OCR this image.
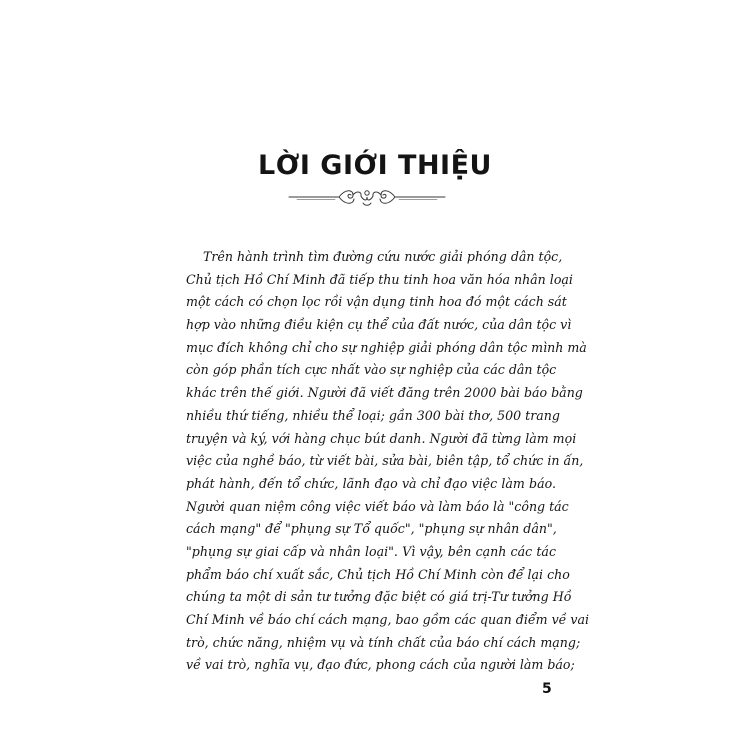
LỜI GIỚI THIỆU

Trên hành trình tìm đường cứu nước giải phóng dân tộc,
Chủ tịch Hồ Chí Minh đã tiếp thu tinh hoa văn hóa nhân loại
một cách có chọn lọc rồi vận dụng tinh hoa đó một cách sát
hợp vào những điều kiện cụ thể của đất nước, của dân tộc vì
mục đích không chỉ cho sự nghiệp giải phóng dân tộc mình mà
còn góp phần tích cực nhất vào sự nghiệp của các dân tộc
khác trên thế giới. Người đã viết đăng trên 2000 bài báo bằng
nhiều thứ tiếng, nhiều thể loại; gần 300 bài thơ, 500 trang
truyện và ký, với hàng chục bút danh. Người đã từng làm mọi
việc của nghề báo, từ viết bài, sửa bài, biên tập, tổ chức in ấn,
phát hành, đến tổ chức, lãnh đạo và chỉ đạo việc làm báo.
Người quan niệm công việc viết báo và làm báo là "công tác
cách mạng" để "phụng sự Tổ quốc", "phụng sự nhân dân",
"phụng sự giai cấp và nhân loại". Vì vậy, bên cạnh các tác
phẩm báo chí xuất sắc, Chủ tịch Hồ Chí Minh còn để lại cho
chúng ta một di sản tư tưởng đặc biệt có giá trị-Tư tưởng Hồ
Chí Minh về báo chí cách mạng, bao gồm các quan điểm về vai
trò, chức năng, nhiệm vụ và tính chất của báo chí cách mạng;
về vai trò, nghĩa vụ, đạo đức, phong cách của người làm báo;

5
